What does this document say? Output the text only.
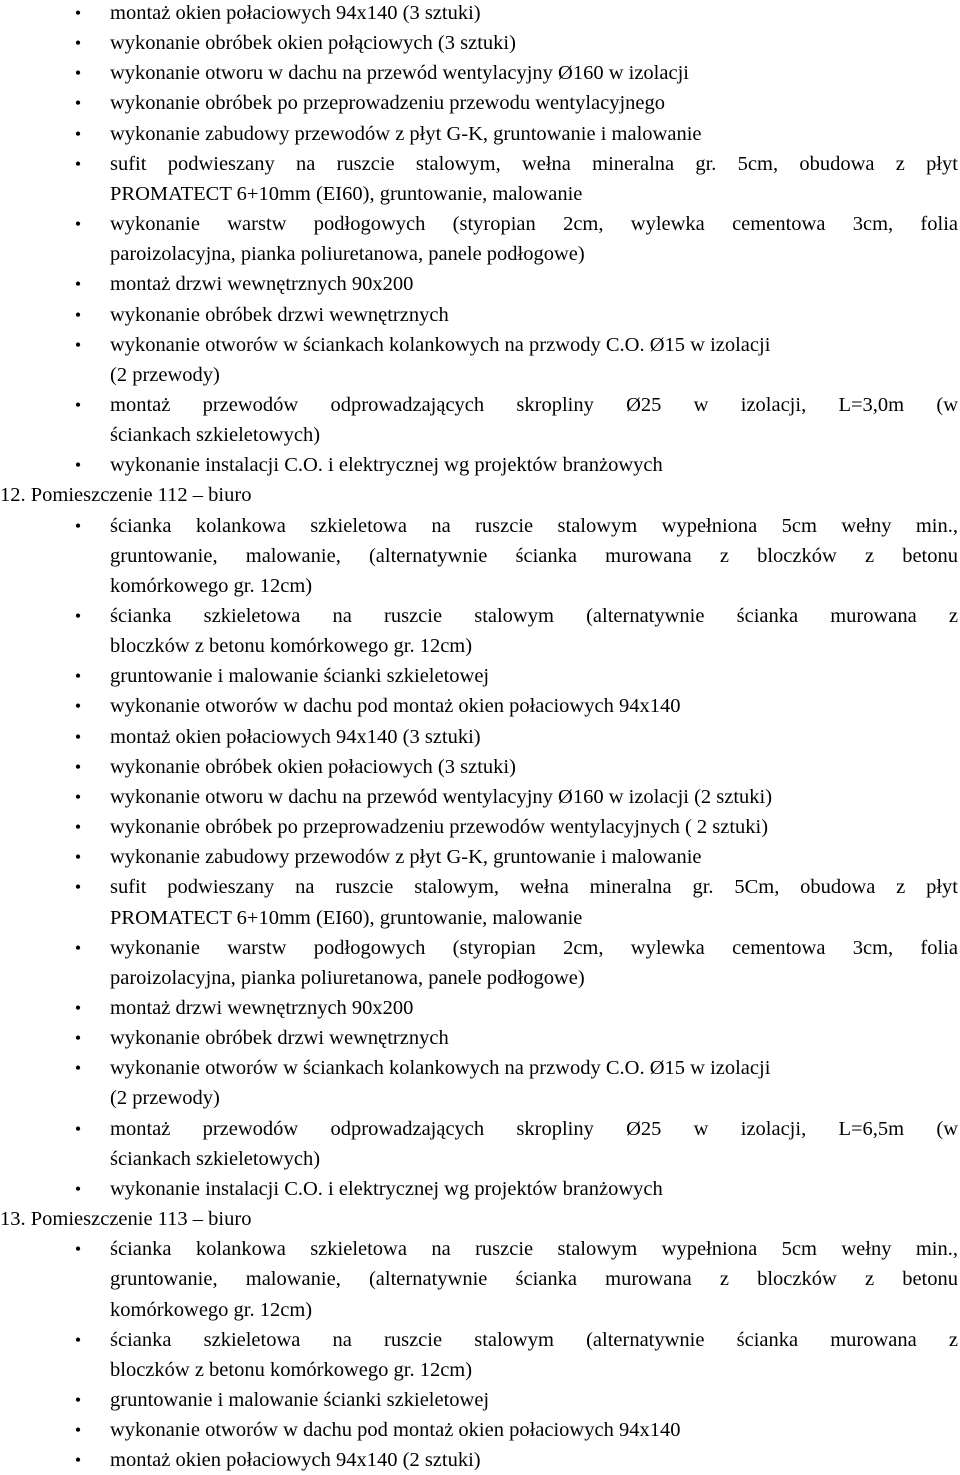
• montaż okien połaciowych 94x140 (3 sztuki)
• wykonanie obróbek okien połąciowych (3 sztuki)
• wykonanie otworu w dachu na przewód wentylacyjny Ø160 w izolacji
• wykonanie obróbek po przeprowadzeniu przewodu wentylacyjnego
• wykonanie zabudowy przewodów z płyt G-K, gruntowanie i malowanie
• sufit podwieszany na ruszcie stalowym, wełna mineralna gr. 5cm, obudowa z płyt
PROMATECT 6+10mm (EI60), gruntowanie, malowanie
• wykonanie warstw podłogowych (styropian 2cm, wylewka cementowa 3cm, folia
paroizolacyjna, pianka poliuretanowa, panele podłogowe)
• montaż drzwi wewnętrznych 90x200
• wykonanie obróbek drzwi wewnętrznych
• wykonanie otworów w ściankach kolankowych na przwody C.O. Ø15 w izolacji
(2 przewody)
• montaż przewodów odprowadzających skropliny Ø25 w izolacji, L=3,0m (w
ściankach szkieletowych)
• wykonanie instalacji C.O. i elektrycznej wg projektów branżowych
12. Pomieszczenie 112 – biuro
• ścianka kolankowa szkieletowa na ruszcie stalowym wypełniona 5cm wełny min.,
gruntowanie, malowanie, (alternatywnie ścianka murowana z bloczków z betonu
komórkowego gr. 12cm)
• ścianka szkieletowa na ruszcie stalowym (alternatywnie ścianka murowana z
bloczków z betonu komórkowego gr. 12cm)
• gruntowanie i malowanie ścianki szkieletowej
• wykonanie otworów w dachu pod montaż okien połaciowych 94x140
• montaż okien połaciowych 94x140 (3 sztuki)
• wykonanie obróbek okien połaciowych (3 sztuki)
• wykonanie otworu w dachu na przewód wentylacyjny Ø160 w izolacji (2 sztuki)
• wykonanie obróbek po przeprowadzeniu przewodów wentylacyjnych ( 2 sztuki)
• wykonanie zabudowy przewodów z płyt G-K, gruntowanie i malowanie
• sufit podwieszany na ruszcie stalowym, wełna mineralna gr. 5Cm, obudowa z płyt
PROMATECT 6+10mm (EI60), gruntowanie, malowanie
• wykonanie warstw podłogowych (styropian 2cm, wylewka cementowa 3cm, folia
paroizolacyjna, pianka poliuretanowa, panele podłogowe)
• montaż drzwi wewnętrznych 90x200
• wykonanie obróbek drzwi wewnętrznych
• wykonanie otworów w ściankach kolankowych na przwody C.O. Ø15 w izolacji
(2 przewody)
• montaż przewodów odprowadzających skropliny Ø25 w izolacji, L=6,5m (w
ściankach szkieletowych)
• wykonanie instalacji C.O. i elektrycznej wg projektów branżowych
13. Pomieszczenie 113 – biuro
• ścianka kolankowa szkieletowa na ruszcie stalowym wypełniona 5cm wełny min.,
gruntowanie, malowanie, (alternatywnie ścianka murowana z bloczków z betonu
komórkowego gr. 12cm)
• ścianka szkieletowa na ruszcie stalowym (alternatywnie ścianka murowana z
bloczków z betonu komórkowego gr. 12cm)
• gruntowanie i malowanie ścianki szkieletowej
• wykonanie otworów w dachu pod montaż okien połaciowych 94x140
• montaż okien połaciowych 94x140 (2 sztuki)
